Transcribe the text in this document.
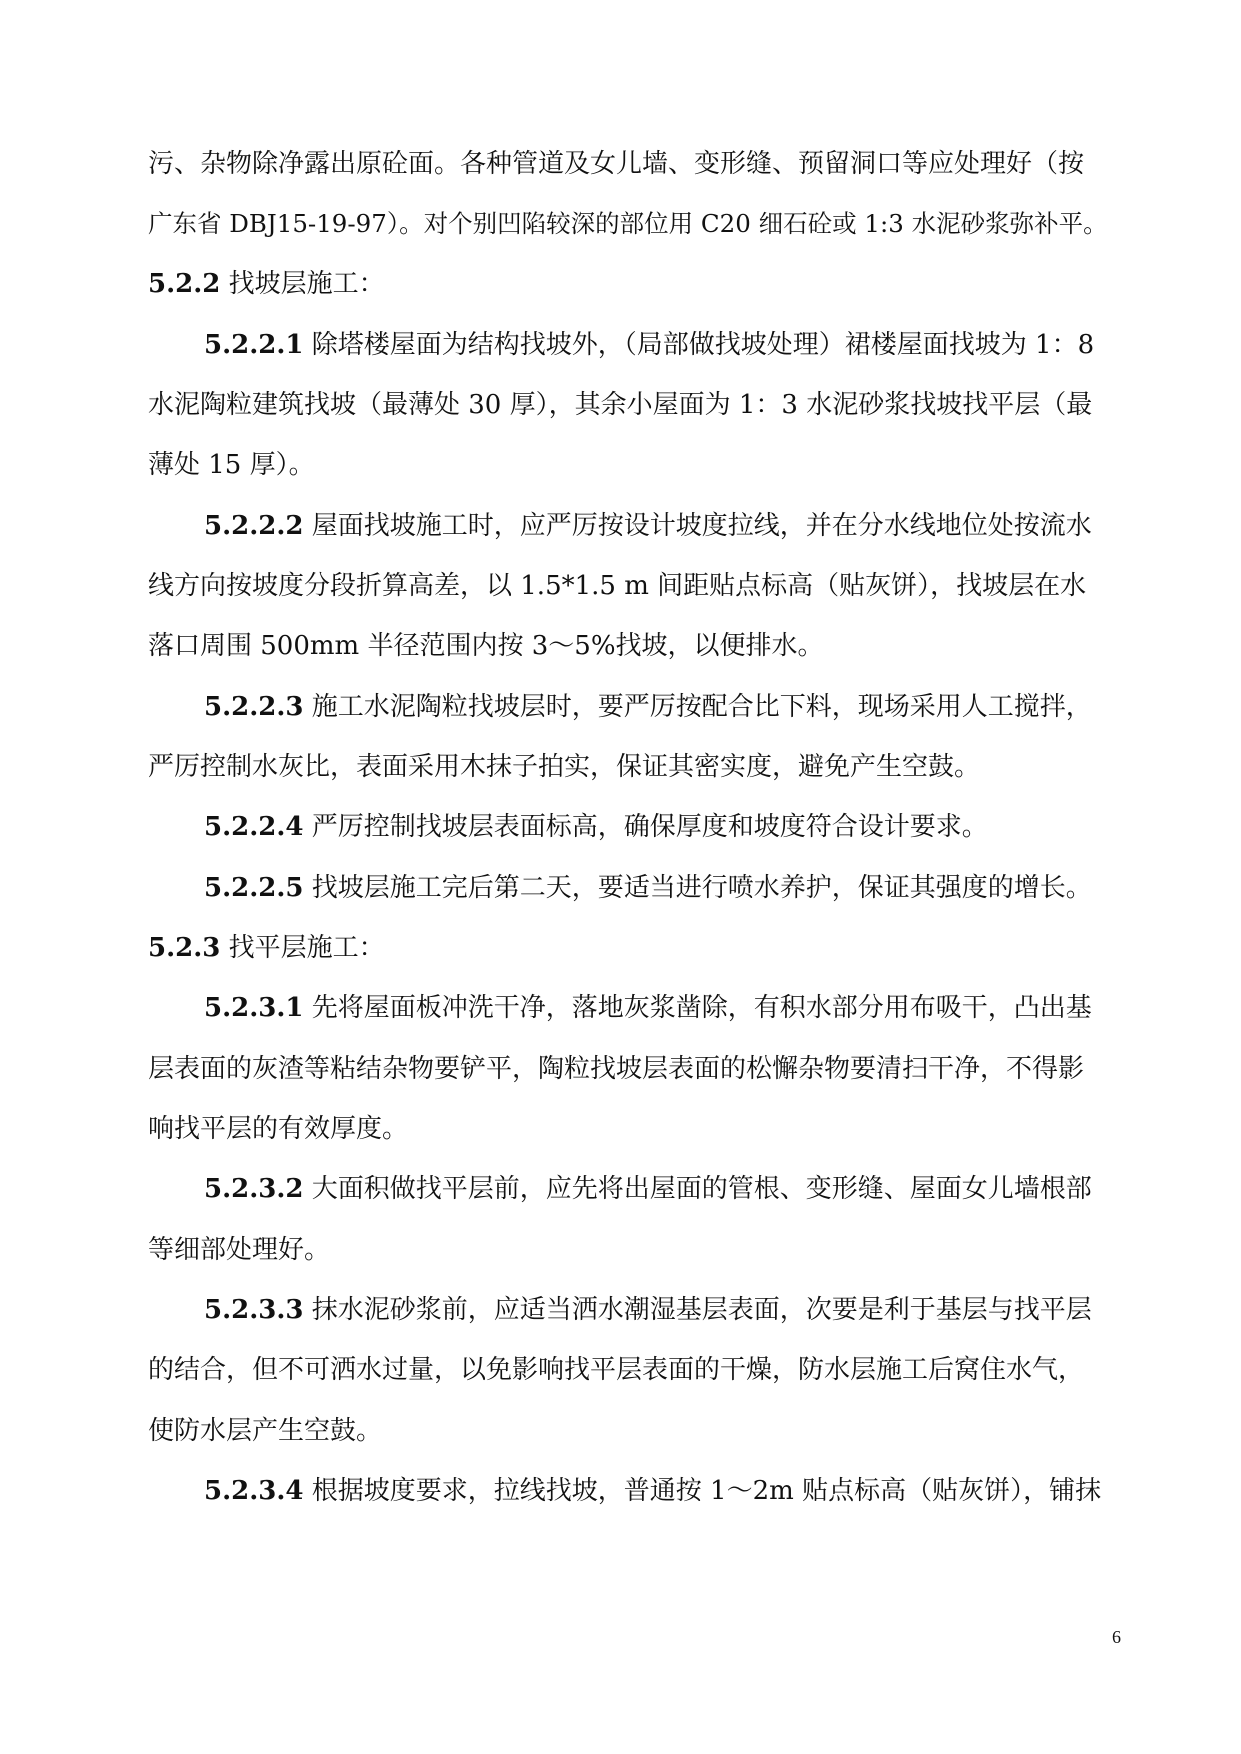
污、杂物除净露出原砼面。各种管道及女儿墙、变形缝、预留洞口等应处理好（按
广东省 DBJ15-19-97）。对个别凹陷较深的部位用 C20 细石砼或 1:3 水泥砂浆弥补平。
5.2.2 找坡层施工：
5.2.2.1 除塔楼屋面为结构找坡外，（局部做找坡处理）裙楼屋面找坡为 1：8
水泥陶粒建筑找坡（最薄处 30 厚），其余小屋面为 1：3 水泥砂浆找坡找平层（最
薄处 15 厚）。
5.2.2.2 屋面找坡施工时，应严厉按设计坡度拉线，并在分水线地位处按流水
线方向按坡度分段折算高差，以 1.5*1.5 m 间距贴点标高（贴灰饼），找坡层在水
落口周围 500mm 半径范围内按 3～5%找坡，以便排水。
5.2.2.3 施工水泥陶粒找坡层时，要严厉按配合比下料，现场采用人工搅拌，
严厉控制水灰比，表面采用木抹子拍实，保证其密实度，避免产生空鼓。
5.2.2.4 严厉控制找坡层表面标高，确保厚度和坡度符合设计要求。
5.2.2.5 找坡层施工完后第二天，要适当进行喷水养护，保证其强度的增长。
5.2.3 找平层施工：
5.2.3.1 先将屋面板冲洗干净，落地灰浆凿除，有积水部分用布吸干，凸出基
层表面的灰渣等粘结杂物要铲平，陶粒找坡层表面的松懈杂物要清扫干净，不得影
响找平层的有效厚度。
5.2.3.2 大面积做找平层前，应先将出屋面的管根、变形缝、屋面女儿墙根部
等细部处理好。
5.2.3.3 抹水泥砂浆前，应适当洒水潮湿基层表面，次要是利于基层与找平层
的结合，但不可洒水过量，以免影响找平层表面的干燥，防水层施工后窝住水气，
使防水层产生空鼓。
5.2.3.4 根据坡度要求，拉线找坡，普通按 1～2m 贴点标高（贴灰饼），铺抹
6
